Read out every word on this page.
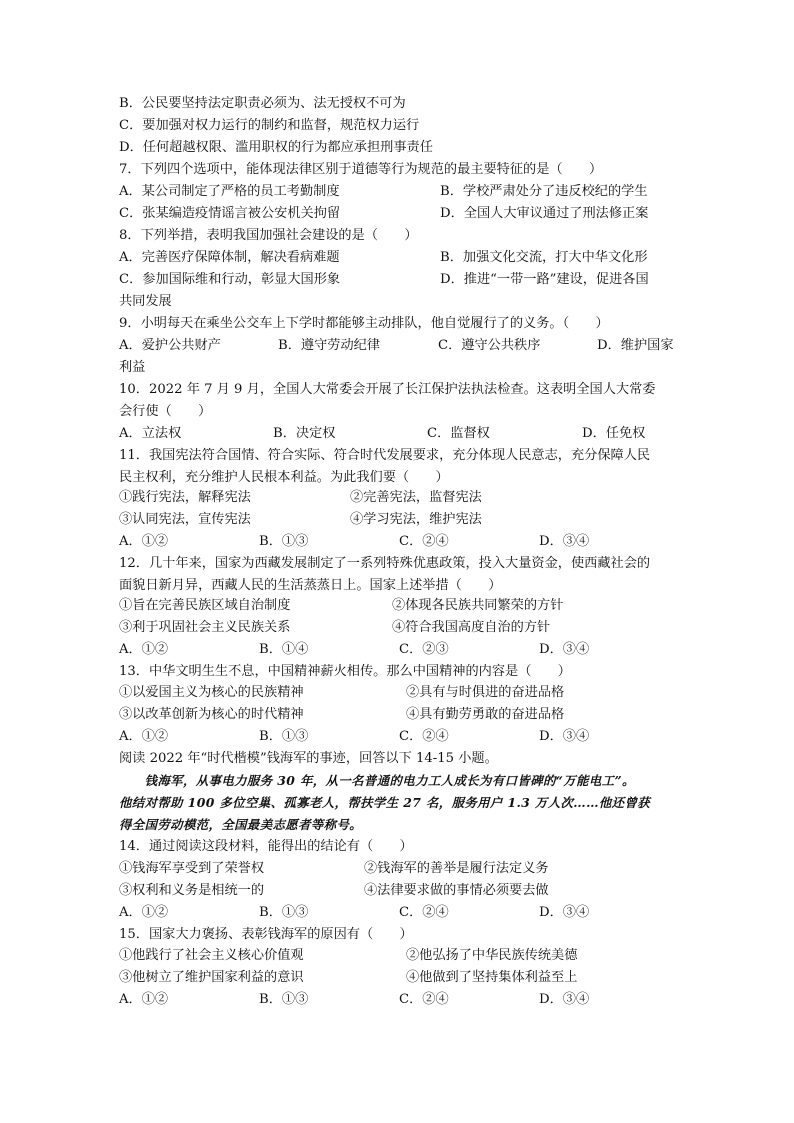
B．公民要坚持法定职责必须为、法无授权不可为
C．要加强对权力运行的制约和监督，规范权力运行
D．任何超越权限、滥用职权的行为都应承担刑事责任
7．下列四个选项中，能体现法律区别于道德等行为规范的最主要特征的是（　　）
A．某公司制定了严格的员工考勤制度	B．学校严肃处分了违反校纪的学生
C．张某编造疫情谣言被公安机关拘留	D．全国人大审议通过了刑法修正案
8．下列举措，表明我国加强社会建设的是（　　）
A．完善医疗保障体制，解决看病难题	B．加强文化交流，打大中华文化形
C．参加国际维和行动，彰显大国形象	D．推进“一带一路”建设，促进各国
共同发展
9．小明每天在乘坐公交车上下学时都能够主动排队，他自觉履行了的义务。（　　）
A．爱护公共财产	B．遵守劳动纪律	C．遵守公共秩序	D．维护国家
利益
10．2022 年 7 月 9 月，全国人大常委会开展了长江保护法执法检查。这表明全国人大常委
会行使（　　）
A．立法权	B．决定权	C．监督权	D．任免权
11．我国宪法符合国情、符合实际、符合时代发展要求，充分体现人民意志，充分保障人民
民主权利，充分维护人民根本利益。为此我们要（　　）
①践行宪法，解释宪法	②完善宪法，监督宪法
③认同宪法，宣传宪法	④学习宪法，维护宪法
A．①②	B．①③	C．②④	D．③④
12．几十年来，国家为西藏发展制定了一系列特殊优惠政策，投入大量资金，使西藏社会的
面貌日新月异，西藏人民的生活蒸蒸日上。国家上述举措（　　）
①旨在完善民族区域自治制度	②体现各民族共同繁荣的方针
③利于巩固社会主义民族关系	④符合我国高度自治的方针
A．①②	B．①④	C．②③	D．③④
13．中华文明生生不息，中国精神薪火相传。那么中国精神的内容是（　　）
①以爱国主义为核心的民族精神	②具有与时俱进的奋进品格
③以改革创新为核心的时代精神	④具有勤劳勇敢的奋进品格
A．①②	B．①③	C．②④	D．③④
阅读 2022 年“时代楷模”钱海军的事迹，回答以下 14-15 小题。
　　钱海军，从事电力服务 30 年，从一名普通的电力工人成长为有口皆碑的“万能电工”。
他结对帮助 100 多位空巢、孤寡老人，帮扶学生 27 名，服务用户 1.3 万人次……他还曾获
得全国劳动模范，全国最美志愿者等称号。
14．通过阅读这段材料，能得出的结论有（　　）
①钱海军享受到了荣誉权	②钱海军的善举是履行法定义务
③权利和义务是相统一的	④法律要求做的事情必须要去做
A．①②	B．①③	C．②④	D．③④
15．国家大力褒扬、表彰钱海军的原因有（　　）
①他践行了社会主义核心价值观	②他弘扬了中华民族传统美德
③他树立了维护国家利益的意识	④他做到了坚持集体利益至上
A．①②	B．①③	C．②④	D．③④
